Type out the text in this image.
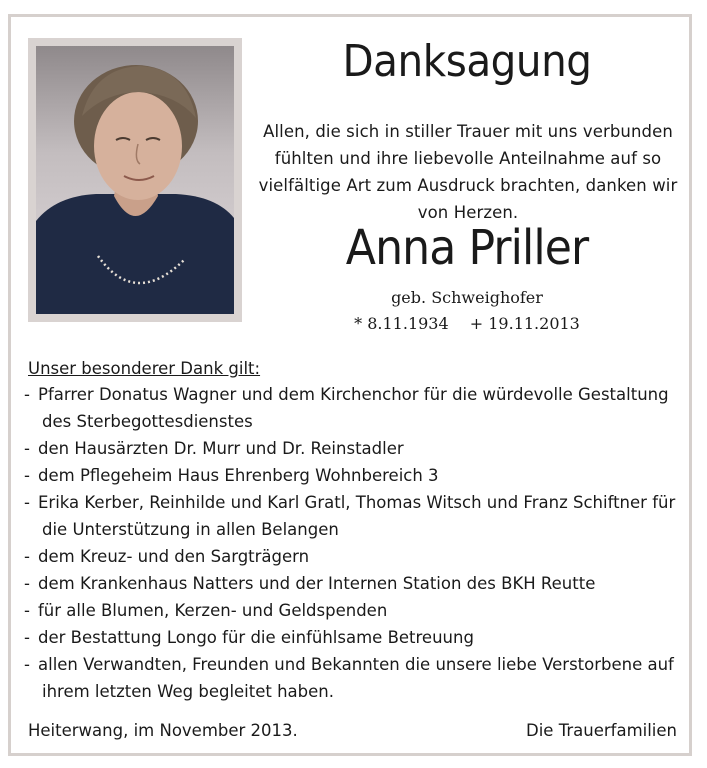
Danksagung
Allen, die sich in stiller Trauer mit uns verbunden fühlten und ihre liebevolle Anteilnahme auf so vielfältige Art zum Ausdruck brachten, danken wir von Herzen.
Anna Priller
geb. Schweighofer
* 8.11.1934 + 19.11.2013
Unser besonderer Dank gilt:
- Pfarrer Donatus Wagner und dem Kirchenchor für die würdevolle Gestaltung des Sterbegottesdienstes
- den Hausärzten Dr. Murr und Dr. Reinstadler
- dem Pflegeheim Haus Ehrenberg Wohnbereich 3
- Erika Kerber, Reinhilde und Karl Gratl, Thomas Witsch und Franz Schiftner für die Unterstützung in allen Belangen
- dem Kreuz- und den Sargträgern
- dem Krankenhaus Natters und der Internen Station des BKH Reutte
- für alle Blumen, Kerzen- und Geldspenden
- der Bestattung Longo für die einfühlsame Betreuung
- allen Verwandten, Freunden und Bekannten die unsere liebe Verstorbene auf ihrem letzten Weg begleitet haben.
Heiterwang, im November 2013.	Die Trauerfamilien
